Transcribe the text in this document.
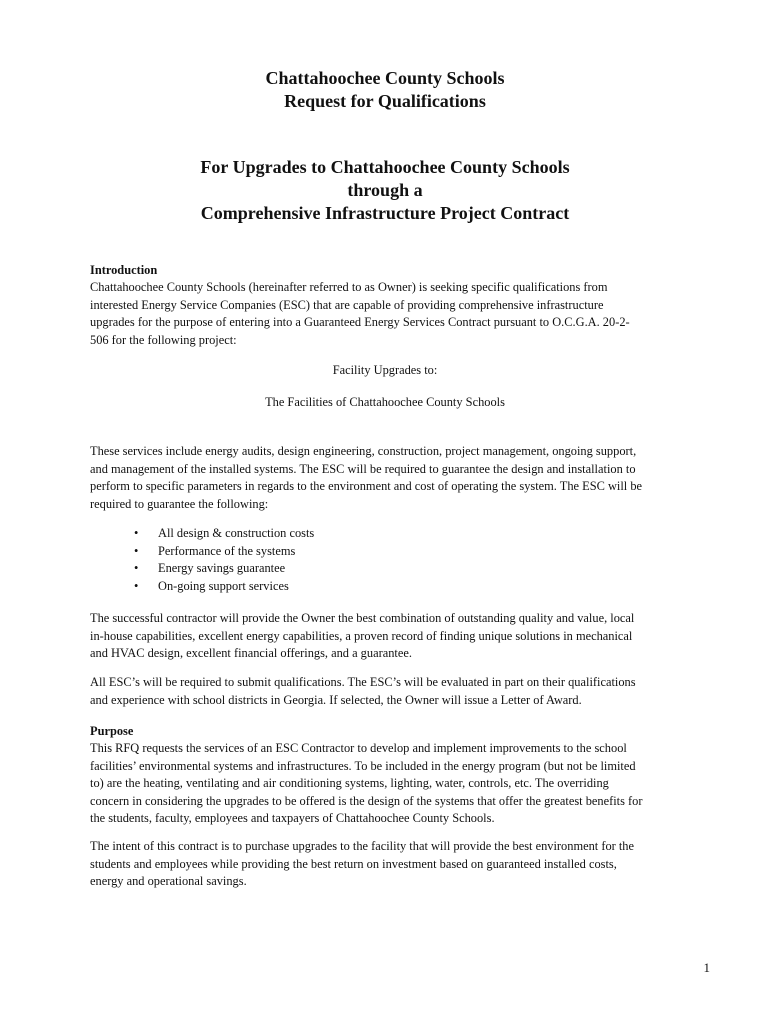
Chattahoochee County Schools
Request for Qualifications
For Upgrades to Chattahoochee County Schools
through a
Comprehensive Infrastructure Project Contract
Introduction
Chattahoochee County Schools (hereinafter referred to as Owner) is seeking specific qualifications from
interested Energy Service Companies (ESC) that are capable of providing comprehensive infrastructure
upgrades for the purpose of entering into a Guaranteed Energy Services Contract pursuant to O.C.G.A. 20-2-
506 for the following project:
Facility Upgrades to:
The Facilities of Chattahoochee County Schools
These services include energy audits, design engineering, construction, project management, ongoing support,
and management of the installed systems. The ESC will be required to guarantee the design and installation to
perform to specific parameters in regards to the environment and cost of operating the system. The ESC will be
required to guarantee the following:
• All design & construction costs
• Performance of the systems
• Energy savings guarantee
• On-going support services
The successful contractor will provide the Owner the best combination of outstanding quality and value, local
in-house capabilities, excellent energy capabilities, a proven record of finding unique solutions in mechanical
and HVAC design, excellent financial offerings, and a guarantee.
All ESC’s will be required to submit qualifications. The ESC’s will be evaluated in part on their qualifications
and experience with school districts in Georgia. If selected, the Owner will issue a Letter of Award.
Purpose
This RFQ requests the services of an ESC Contractor to develop and implement improvements to the school
facilities’ environmental systems and infrastructures. To be included in the energy program (but not be limited
to) are the heating, ventilating and air conditioning systems, lighting, water, controls, etc. The overriding
concern in considering the upgrades to be offered is the design of the systems that offer the greatest benefits for
the students, faculty, employees and taxpayers of Chattahoochee County Schools.
The intent of this contract is to purchase upgrades to the facility that will provide the best environment for the
students and employees while providing the best return on investment based on guaranteed installed costs,
energy and operational savings.
1
